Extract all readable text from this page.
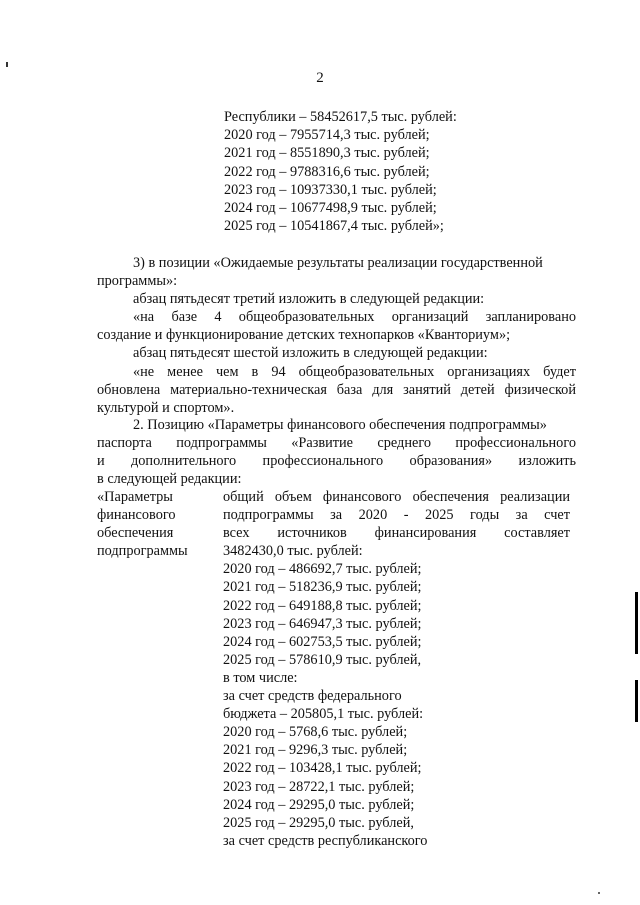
2
Республики – 58452617,5 тыс. рублей:
2020 год – 7955714,3 тыс. рублей;
2021 год – 8551890,3 тыс. рублей;
2022 год – 9788316,6 тыс. рублей;
2023 год – 10937330,1 тыс. рублей;
2024 год – 10677498,9 тыс. рублей;
2025 год – 10541867,4 тыс. рублей»;
3) в позиции «Ожидаемые результаты реализации государственной
программы»:
абзац пятьдесят третий изложить в следующей редакции:
«на базе 4 общеобразовательных организаций запланировано
создание и функционирование детских технопарков «Кванториум»;
абзац пятьдесят шестой изложить в следующей редакции:
«не менее чем в 94 общеобразовательных организациях будет
обновлена материально-техническая база для занятий детей физической
культурой и спортом».
2. Позицию «Параметры финансового обеспечения подпрограммы»
паспорта подпрограммы «Развитие среднего профессионального
и дополнительного профессионального образования» изложить
в следующей редакции:
«Параметры
финансового
обеспечения
подпрограммы
общий объем финансового обеспечения реализации
подпрограммы за 2020 - 2025 годы за счет
всех источников финансирования составляет
3482430,0 тыс. рублей:
2020 год – 486692,7 тыс. рублей;
2021 год – 518236,9 тыс. рублей;
2022 год – 649188,8 тыс. рублей;
2023 год – 646947,3 тыс. рублей;
2024 год – 602753,5 тыс. рублей;
2025 год – 578610,9 тыс. рублей,
в том числе:
за счет средств федерального
бюджета – 205805,1 тыс. рублей:
2020 год – 5768,6 тыс. рублей;
2021 год – 9296,3 тыс. рублей;
2022 год – 103428,1 тыс. рублей;
2023 год – 28722,1 тыс. рублей;
2024 год – 29295,0 тыс. рублей;
2025 год – 29295,0 тыс. рублей,
за счет средств республиканского
